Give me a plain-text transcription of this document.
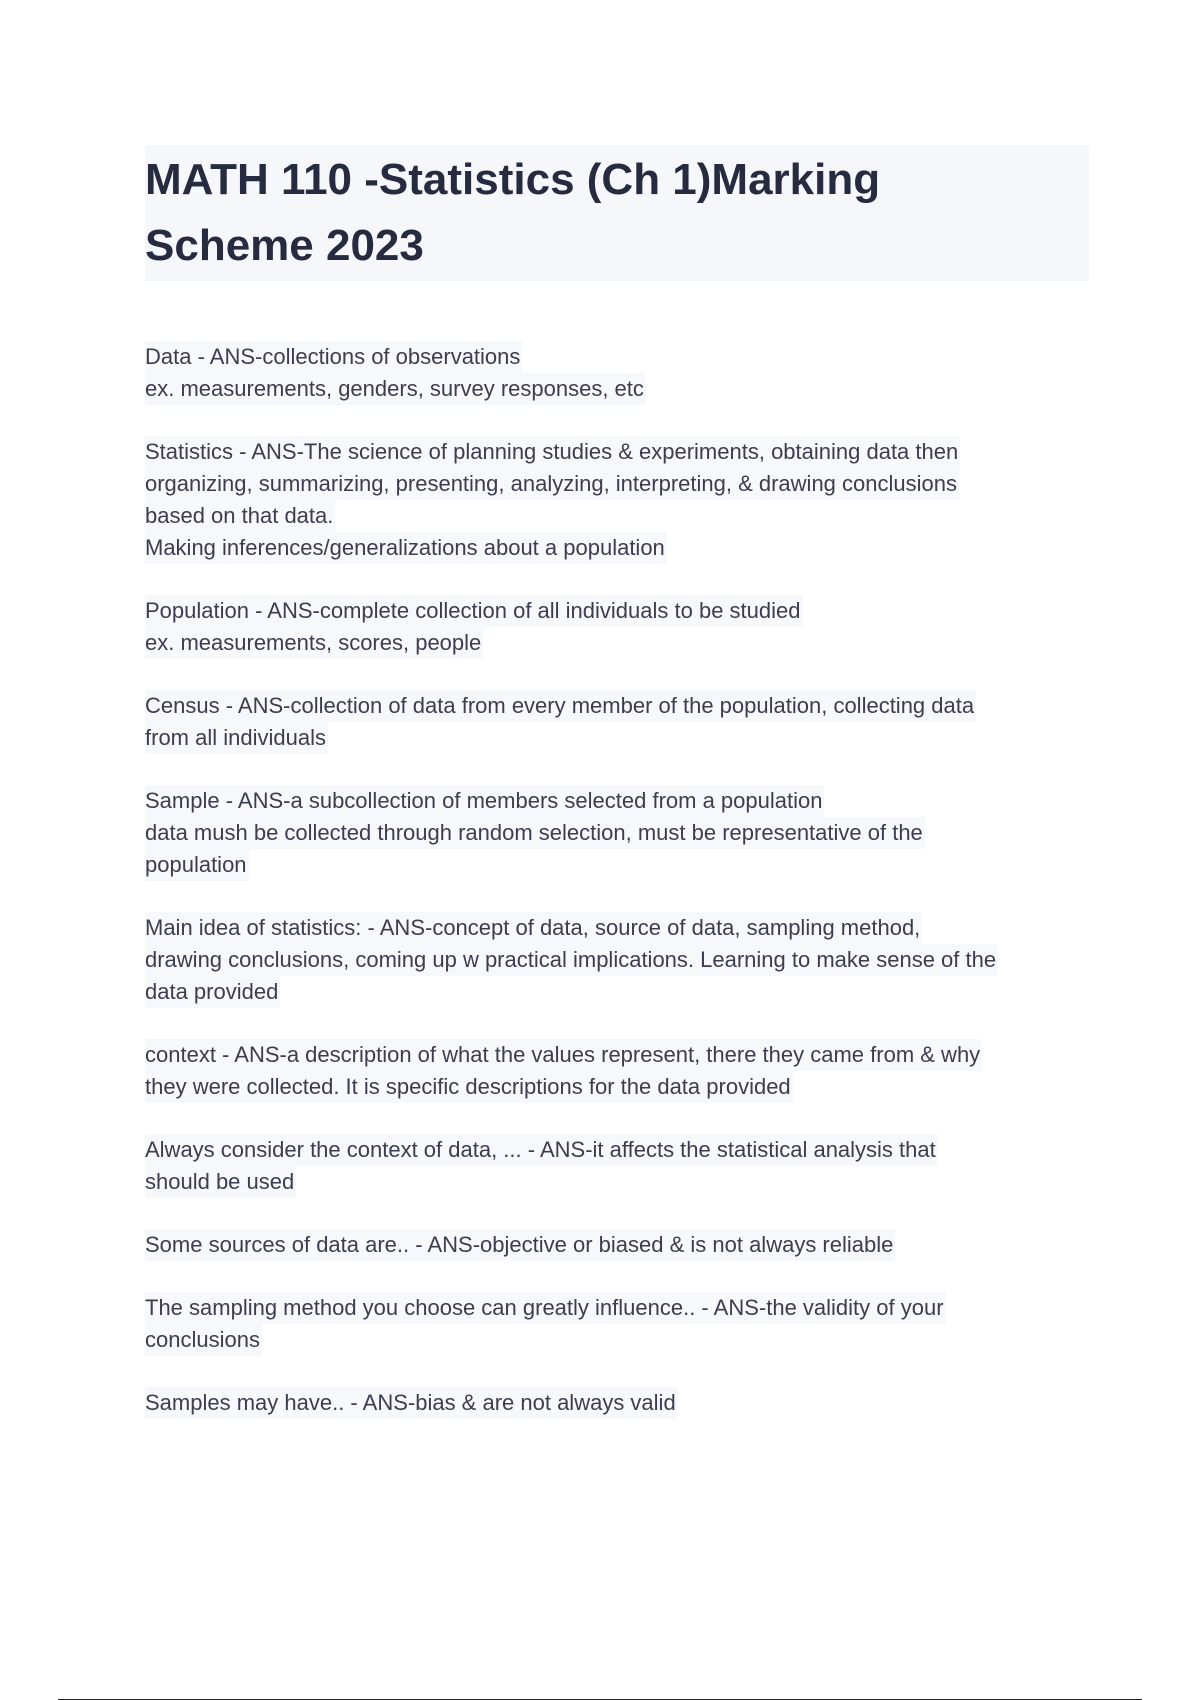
MATH 110 -Statistics (Ch 1)Marking
Scheme 2023
Data - ANS-collections of observations
ex. measurements, genders, survey responses, etc
Statistics - ANS-The science of planning studies & experiments, obtaining data then
organizing, summarizing, presenting, analyzing, interpreting, & drawing conclusions
based on that data.
Making inferences/generalizations about a population
Population - ANS-complete collection of all individuals to be studied
ex. measurements, scores, people
Census - ANS-collection of data from every member of the population, collecting data
from all individuals
Sample - ANS-a subcollection of members selected from a population
data mush be collected through random selection, must be representative of the
population
Main idea of statistics: - ANS-concept of data, source of data, sampling method,
drawing conclusions, coming up w practical implications. Learning to make sense of the
data provided
context - ANS-a description of what the values represent, there they came from & why
they were collected. It is specific descriptions for the data provided
Always consider the context of data, ... - ANS-it affects the statistical analysis that
should be used
Some sources of data are.. - ANS-objective or biased & is not always reliable
The sampling method you choose can greatly influence.. - ANS-the validity of your
conclusions
Samples may have.. - ANS-bias & are not always valid
